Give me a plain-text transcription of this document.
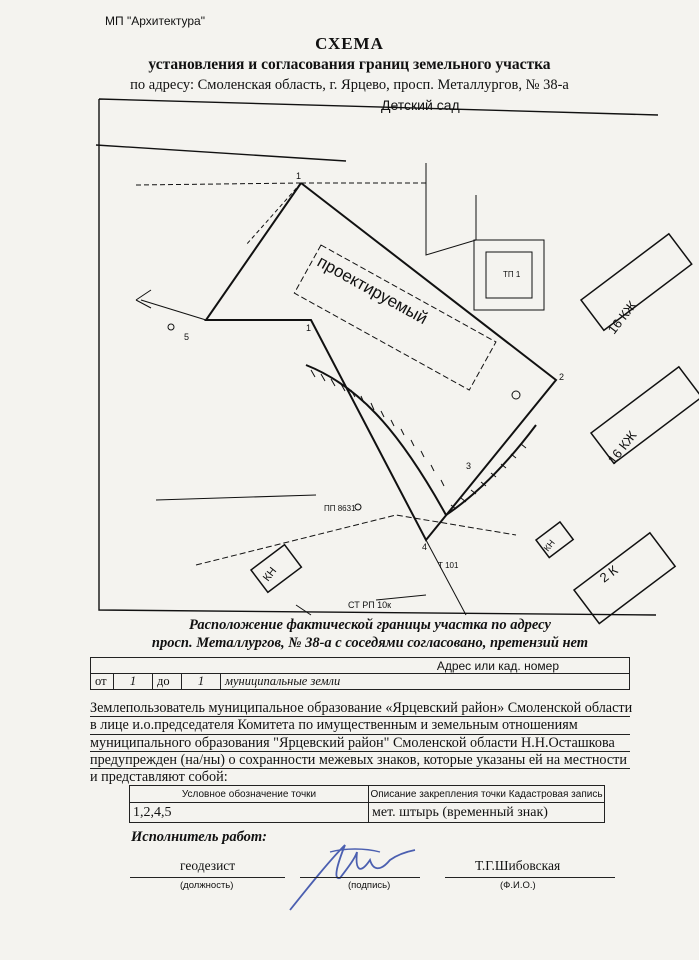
МП "Архитектура"
СХЕМА
установления и согласования границ земельного участка
по адресу: Смоленская область, г. Ярцево, просп. Металлургов, № 38-а
Детский сад
проектируемый	ТП 1
16 КЖ
16 КЖ
КН
КН
2 К
ПП 8631
Т 101
СТ РП 10к
1
1
2
3
4
5
Расположение фактической границы участка по адресу
просп. Металлургов, № 38-а с соседями согласовано, претензий нет
Адрес или кад. номер
от	1	до	1	муниципальные земли
Землепользователь муниципальное образование «Ярцевский район» Смоленской области
в лице и.о.председателя Комитета по имущественным и земельным отношениям
муниципального образования "Ярцевский район" Смоленской области Н.Н.Осташкова
предупрежден (на/ны) о сохранности межевых знаков, которые указаны ей на местности
и представляют собой:
Условное обозначение точки	Описание закрепления точки Кадастровая запись
1,2,4,5	мет. штырь (временный знак)
Исполнитель работ:
геодезист
(должность)	(подпись)
Т.Г.Шибовская
(Ф.И.О.)
